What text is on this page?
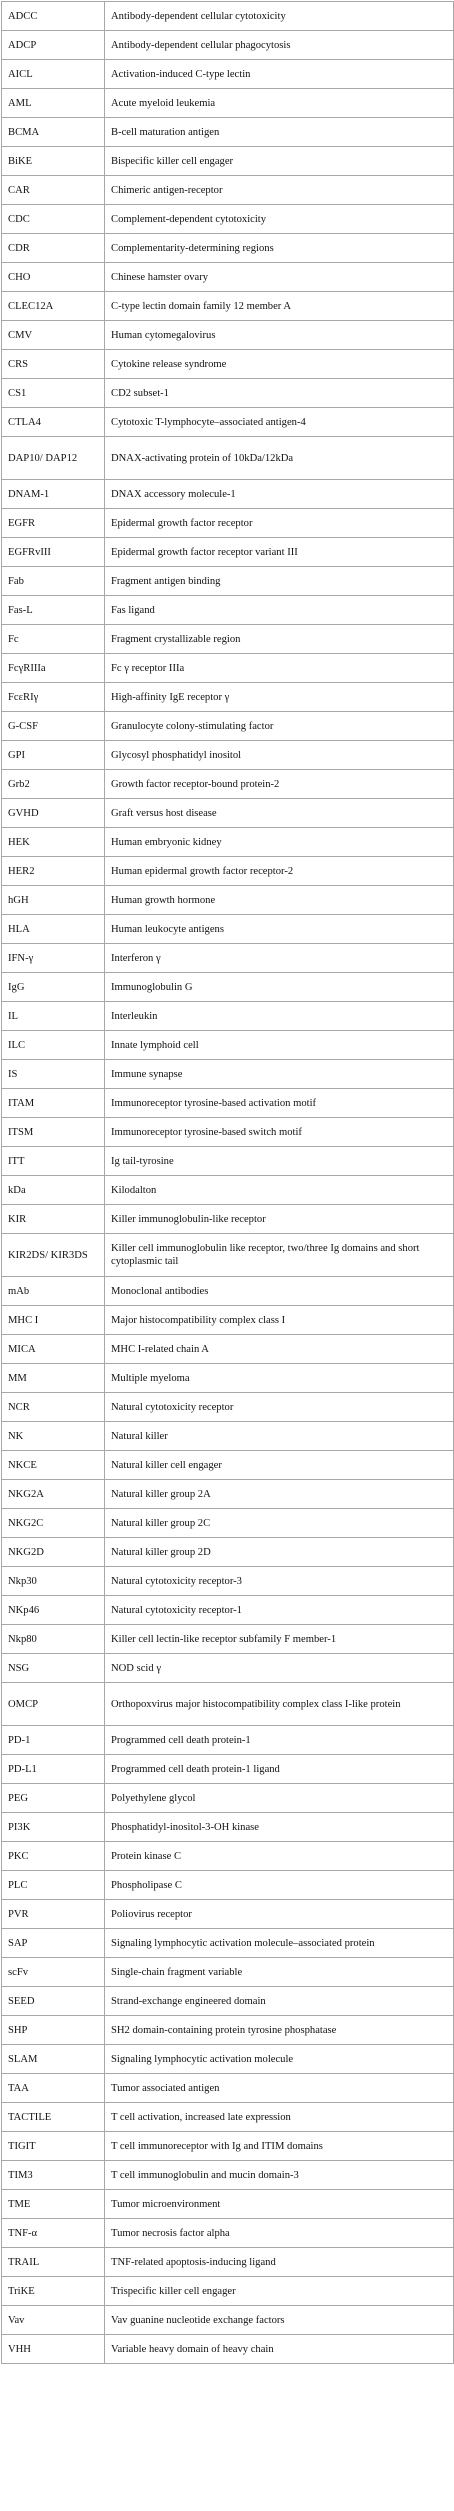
ADCC	Antibody-dependent cellular cytotoxicity
ADCP	Antibody-dependent cellular phagocytosis
AICL	Activation-induced C-type lectin
AML	Acute myeloid leukemia
BCMA	B-cell maturation antigen
BiKE	Bispecific killer cell engager
CAR	Chimeric antigen-receptor
CDC	Complement-dependent cytotoxicity
CDR	Complementarity-determining regions
CHO	Chinese hamster ovary
CLEC12A	C-type lectin domain family 12 member A
CMV	Human cytomegalovirus
CRS	Cytokine release syndrome
CS1	CD2 subset-1
CTLA4	Cytotoxic T-lymphocyte–associated antigen-4
DAP10/ DAP12	DNAX-activating protein of 10kDa/12kDa
DNAM-1	DNAX accessory molecule-1
EGFR	Epidermal growth factor receptor
EGFRvIII	Epidermal growth factor receptor variant III
Fab	Fragment antigen binding
Fas-L	Fas ligand
Fc	Fragment crystallizable region
FcγRIIIa	Fc γ receptor IIIa
FcεRIγ	High-affinity IgE receptor γ
G-CSF	Granulocyte colony-stimulating factor
GPI	Glycosyl phosphatidyl inositol
Grb2	Growth factor receptor-bound protein-2
GVHD	Graft versus host disease
HEK	Human embryonic kidney
HER2	Human epidermal growth factor receptor-2
hGH	Human growth hormone
HLA	Human leukocyte antigens
IFN-γ	Interferon γ
IgG	Immunoglobulin G
IL	Interleukin
ILC	Innate lymphoid cell
IS	Immune synapse
ITAM	Immunoreceptor tyrosine-based activation motif
ITSM	Immunoreceptor tyrosine-based switch motif
ITT	Ig tail-tyrosine
kDa	Kilodalton
KIR	Killer immunoglobulin-like receptor
KIR2DS/ KIR3DS	Killer cell immunoglobulin like receptor, two/three Ig domains and short cytoplasmic tail
mAb	Monoclonal antibodies
MHC I	Major histocompatibility complex class I
MICA	MHC I-related chain A
MM	Multiple myeloma
NCR	Natural cytotoxicity receptor
NK	Natural killer
NKCE	Natural killer cell engager
NKG2A	Natural killer group 2A
NKG2C	Natural killer group 2C
NKG2D	Natural killer group 2D
Nkp30	Natural cytotoxicity receptor-3
NKp46	Natural cytotoxicity receptor-1
Nkp80	Killer cell lectin-like receptor subfamily F member-1
NSG	NOD scid γ
OMCP	Orthopoxvirus major histocompatibility complex class I-like protein
PD-1	Programmed cell death protein-1
PD-L1	Programmed cell death protein-1 ligand
PEG	Polyethylene glycol
PI3K	Phosphatidyl-inositol-3-OH kinase
PKC	Protein kinase C
PLC	Phospholipase C
PVR	Poliovirus receptor
SAP	Signaling lymphocytic activation molecule–associated protein
scFv	Single-chain fragment variable
SEED	Strand-exchange engineered domain
SHP	SH2 domain-containing protein tyrosine phosphatase
SLAM	Signaling lymphocytic activation molecule
TAA	Tumor associated antigen
TACTILE	T cell activation, increased late expression
TIGIT	T cell immunoreceptor with Ig and ITIM domains
TIM3	T cell immunoglobulin and mucin domain-3
TME	Tumor microenvironment
TNF-α	Tumor necrosis factor alpha
TRAIL	TNF-related apoptosis-inducing ligand
TriKE	Trispecific killer cell engager
Vav	Vav guanine nucleotide exchange factors
VHH	Variable heavy domain of heavy chain
